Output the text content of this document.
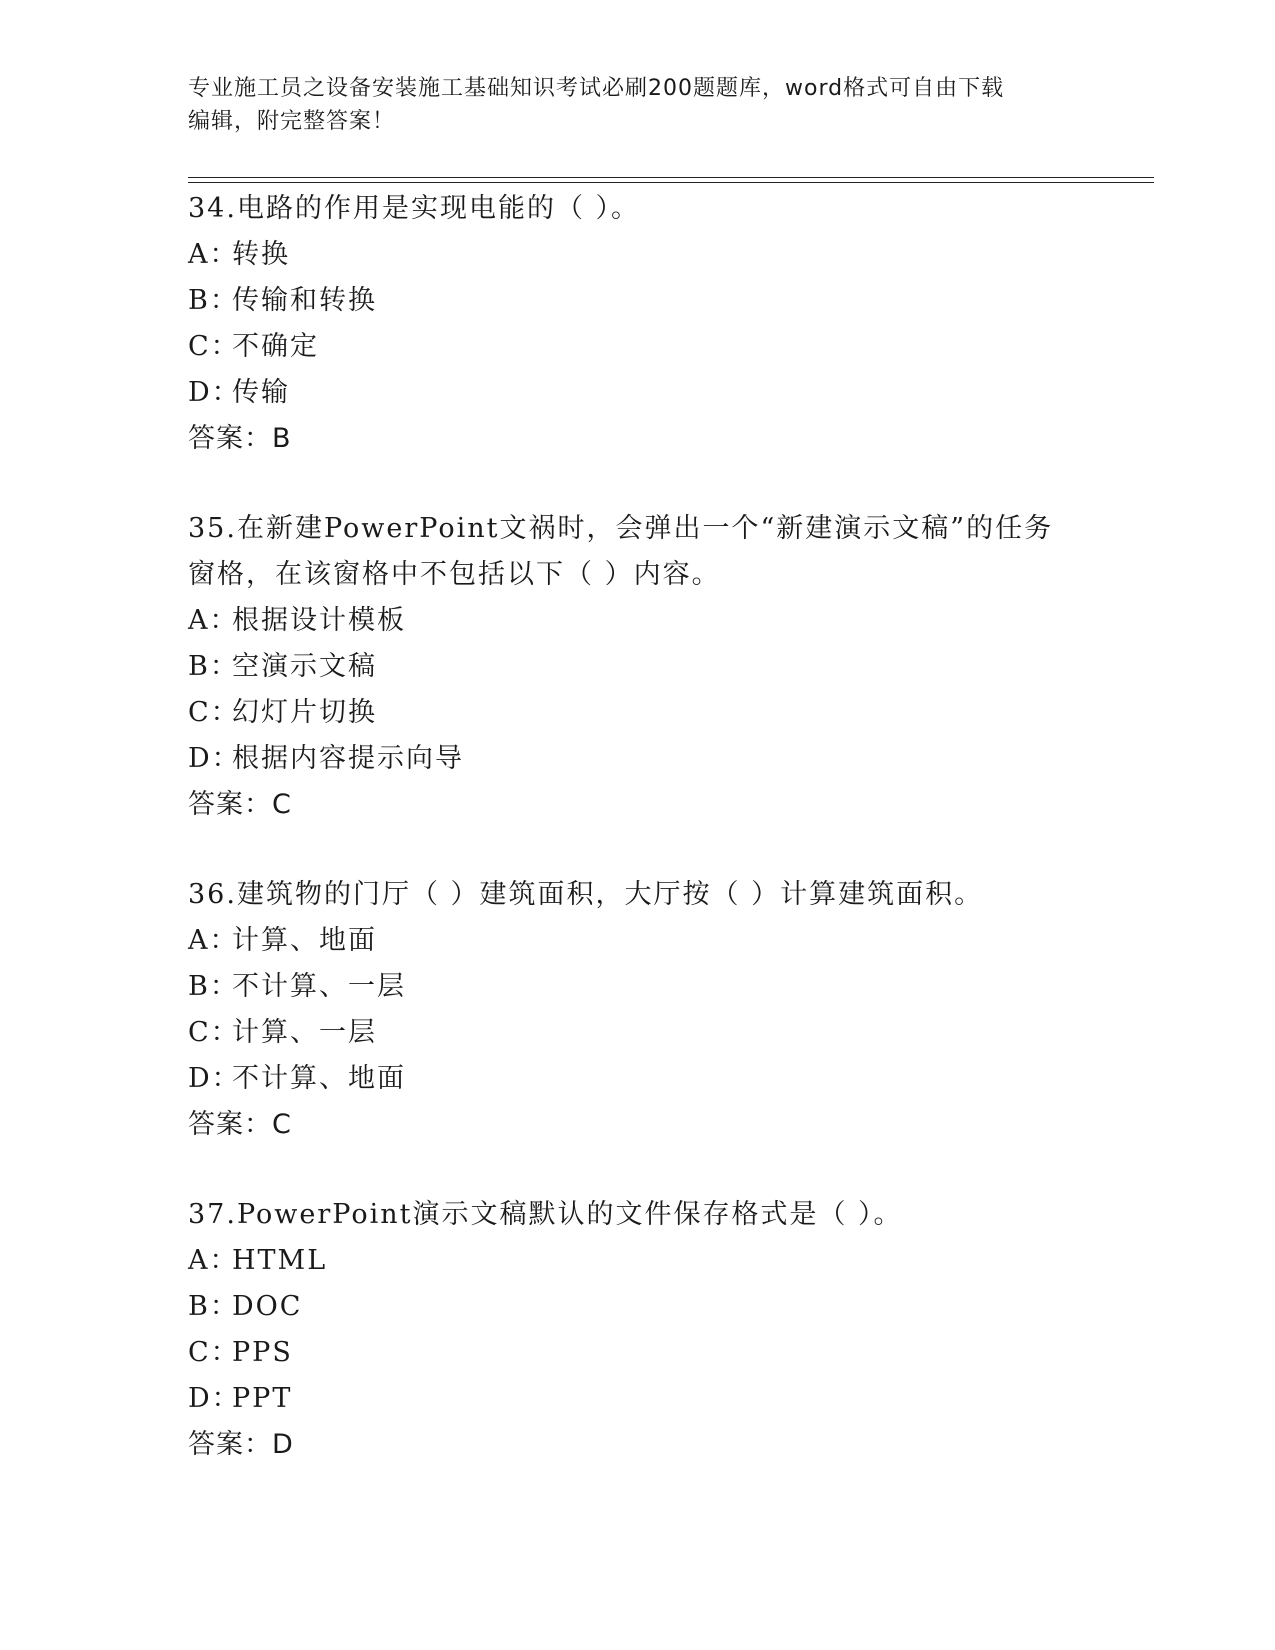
专业施工员之设备安装施工基础知识考试必刷200题题库，word格式可自由下载
编辑，附完整答案！
34.电路的作用是实现电能的（ ）。
A：转换
B：传输和转换
C：不确定
D：传输
答案：B
35.在新建PowerPoint文祸时，会弹出一个“新建演示文稿”的任务窗格，在该窗格中不包括以下（ ）内容。
A：根据设计模板
B：空演示文稿
C：幻灯片切换
D：根据内容提示向导
答案：C
36.建筑物的门厅（ ）建筑面积，大厅按（ ）计算建筑面积。
A：计算、地面
B：不计算、一层
C：计算、一层
D：不计算、地面
答案：C
37.PowerPoint演示文稿默认的文件保存格式是（ ）。
A：HTML
B：DOC
C：PPS
D：PPT
答案：D
